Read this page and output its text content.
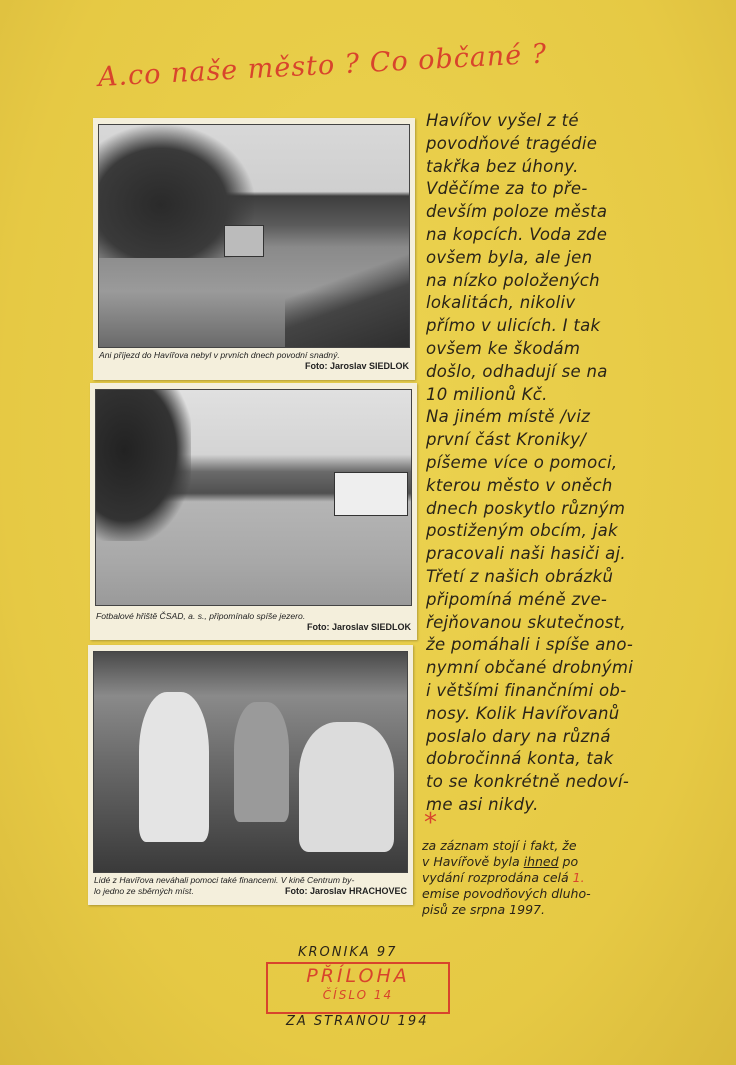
A.co naše město ? Co občané ?
Ani příjezd do Havířova nebyl v prvních dnech povodní snadný.
Foto: Jaroslav SIEDLOK
Fotbalové hřiště ČSAD, a. s., připomínalo spíše jezero.
Foto: Jaroslav SIEDLOK
Lidé z Havířova neváhali pomoci také financemi. V kině Centrum by-
lo jedno ze sběrných míst.	Foto: Jaroslav HRACHOVEC
Havířov vyšel z té
povodňové tragédie
takřka bez úhony.
Vděčíme za to pře-
devším poloze města
na kopcích. Voda zde
ovšem byla, ale jen
na nízko položených
lokalitách, nikoliv
přímo v ulicích. I tak
ovšem ke škodám
došlo, odhadují se na
10 milionů Kč.
Na jiném místě /viz
první část Kroniky/
píšeme více o pomoci,
kterou město v oněch
dnech poskytlo různým
postiženým obcím, jak
pracovali naši hasiči aj.
Třetí z našich obrázků
připomíná méně zve-
řejňovanou skutečnost,
že pomáhali i spíše ano-
nymní občané drobnými
i většími finančními ob-
nosy. Kolik Havířovanů
poslalo dary na různá
dobročinná konta, tak
to se konkrétně nedoví-
me asi nikdy.
*
za záznam stojí i fakt, že
v Havířově byla ihned po
vydání rozprodána celá 1.
emise povodňových dluho-
pisů ze srpna 1997.
KRONIKA 97
PŘÍLOHA
ČÍSLO 14
ZA STRANOU 194
